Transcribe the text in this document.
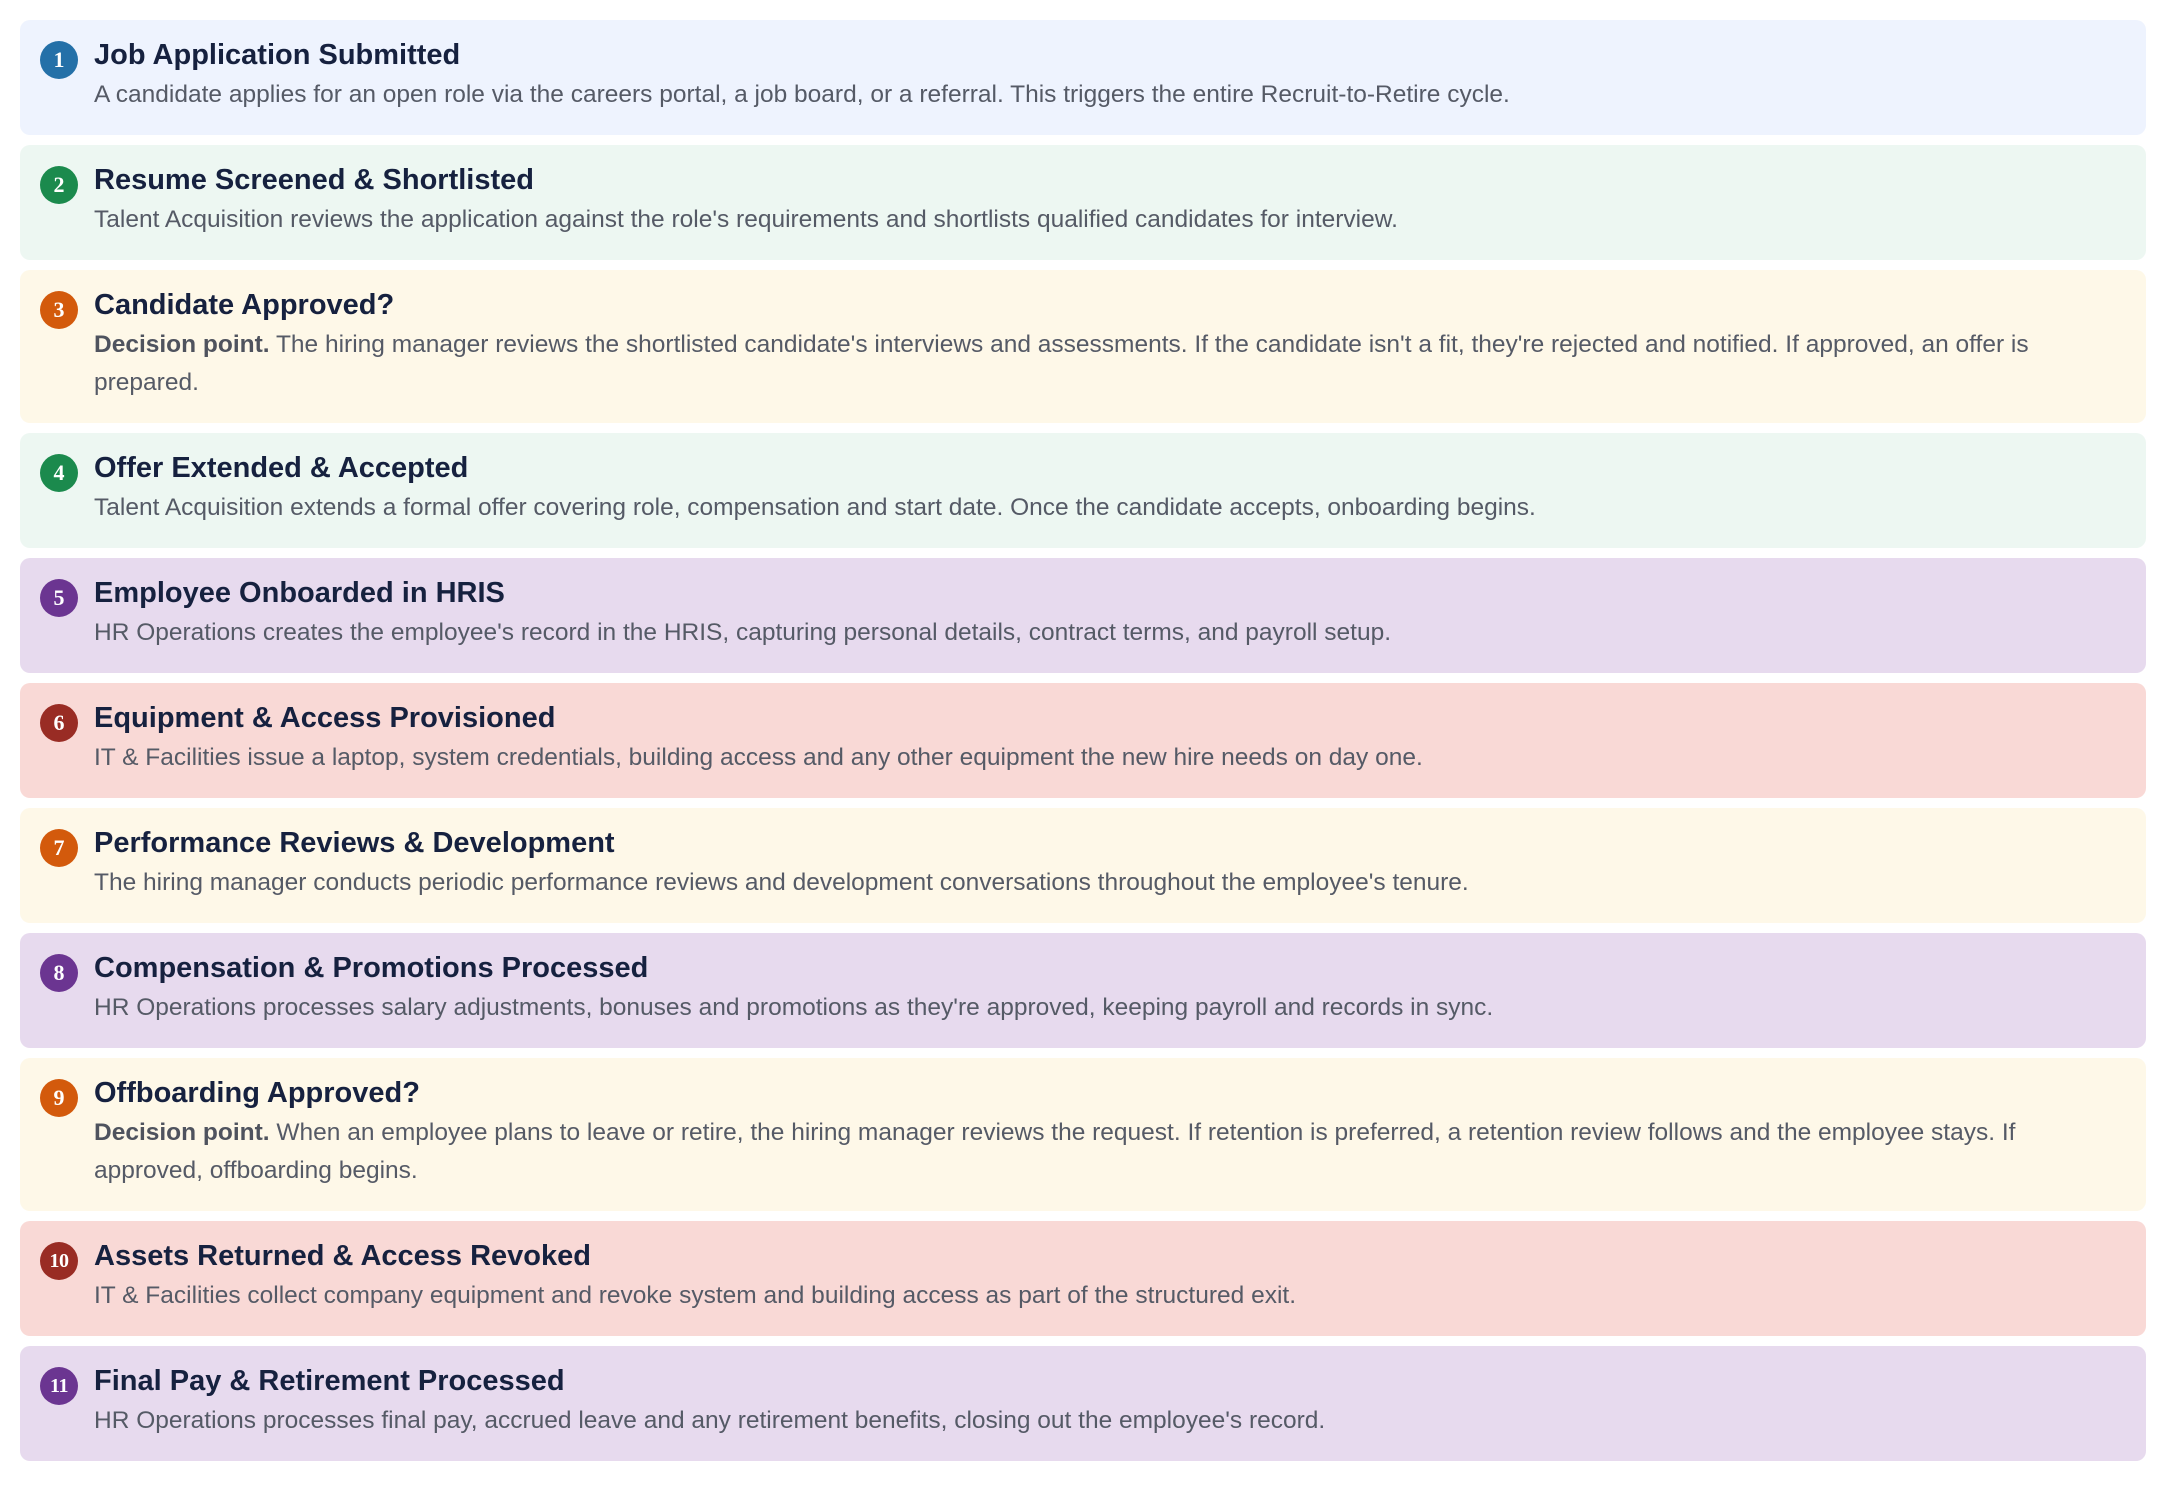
1	Job Application Submitted
A candidate applies for an open role via the careers portal, a job board, or a referral. This triggers the entire Recruit-to-Retire cycle.
2	Resume Screened & Shortlisted
Talent Acquisition reviews the application against the role's requirements and shortlists qualified candidates for interview.
3	Candidate Approved?
Decision point. The hiring manager reviews the shortlisted candidate's interviews and assessments. If the candidate isn't a fit, they're rejected and notified. If approved, an offer is prepared.
4	Offer Extended & Accepted
Talent Acquisition extends a formal offer covering role, compensation and start date. Once the candidate accepts, onboarding begins.
5	Employee Onboarded in HRIS
HR Operations creates the employee's record in the HRIS, capturing personal details, contract terms, and payroll setup.
6	Equipment & Access Provisioned
IT & Facilities issue a laptop, system credentials, building access and any other equipment the new hire needs on day one.
7	Performance Reviews & Development
The hiring manager conducts periodic performance reviews and development conversations throughout the employee's tenure.
8	Compensation & Promotions Processed
HR Operations processes salary adjustments, bonuses and promotions as they're approved, keeping payroll and records in sync.
9	Offboarding Approved?
Decision point. When an employee plans to leave or retire, the hiring manager reviews the request. If retention is preferred, a retention review follows and the employee stays. If approved, offboarding begins.
10 Assets Returned & Access Revoked
IT & Facilities collect company equipment and revoke system and building access as part of the structured exit.
11 Final Pay & Retirement Processed
HR Operations processes final pay, accrued leave and any retirement benefits, closing out the employee's record.
